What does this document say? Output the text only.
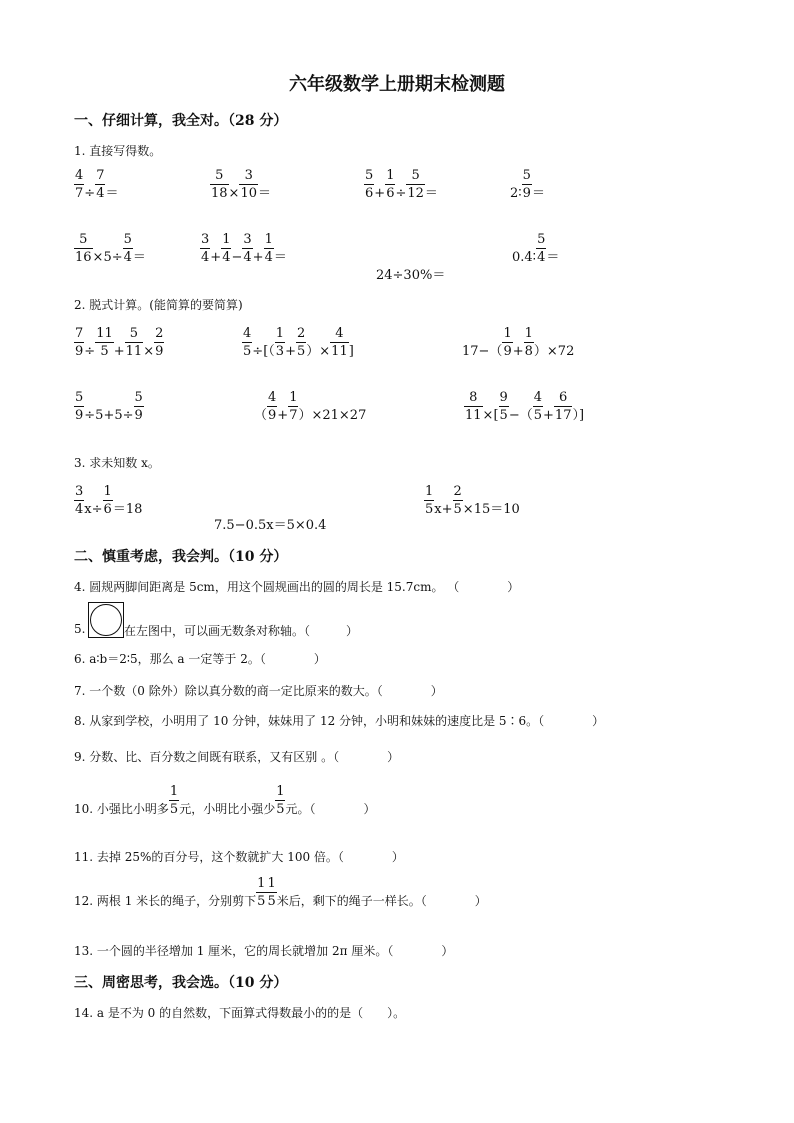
六年级数学上册期末检测题
一、仔细计算，我全对。（28 分）
1. 直接写得数。
$\frac{4}{7} \div \frac{7}{4}$ ＝	$\frac{5}{18} \times \frac{3}{10}$ ＝	$\frac{5}{6} + \frac{1}{6} \div \frac{5}{12}$ ＝	2∶ $\frac{5}{9}$ ＝
$\frac{5}{16} \times 5\div \frac{5}{4}$ ＝	$\frac{3}{4} + \frac{1}{4} - \frac{3}{4} + \frac{1}{4}$ ＝
24÷30%＝
0.4∶ $\frac{5}{4}$ ＝
2. 脱式计算。(能简算的要简算)
$\frac{7}{9} \div \frac{11}{5} + \frac{5}{11} \times \frac{2}{9}$	$\frac{4}{5}$ ÷[（ $\frac{1}{3} + \frac{2}{5}$ ）× $\frac{4}{11}$ ]	$17-( \frac{1}{9} + \frac{1}{8} )\times 72$
$\frac{5}{9} \div 5+5\div \frac{5}{9}$	（ $\frac{4}{9} + \frac{1}{7} )\times 21\times 27$	$\frac{8}{11}$ ×[ $\frac{9}{5}$ −（ $\frac{4}{5} + \frac{6}{17}$ ）]
3. 求未知数 x。
$\frac{3}{4} x\div \frac{1}{6} =18$
7.5−0.5x＝5×0.4
$\frac{1}{5} x+ \frac{2}{5} \times 15=10$
二、慎重考虑，我会判。（10 分）
4. 圆规两脚间距离是 5cm，用这个圆规画出的圆的周长是 15.7cm。 （　　　　）
5.	在左图中，可以画无数条对称轴。（　　　）
6. a∶b＝2∶5，那么 a 一定等于 2。（　　　　）
7. 一个数（0 除外）除以真分数的商一定比原来的数大。（　　　　）
8. 从家到学校，小明用了 10 分钟，妹妹用了 12 分钟，小明和妹妹的速度比是 5∶6。（　　　　）
9. 分数、比、百分数之间既有联系，又有区别 。（　　　　）
10. 小强比小明多 $\frac{1}{5}$ 元，小明比小强少 $\frac{1}{5}$ 元。（　　　　）
11. 去掉 25%的百分号，这个数就扩大 100 倍。（　　　　）
12. 两根 1 米长的绳子，分别剪下 $\frac{1}{5} \frac{1}{5}$ 米后，剩下的绳子一样长。（　　　　）
13. 一个圆的半径增加 1 厘米，它的周长就增加 2π 厘米。（　　　　）
三、周密思考，我会选。（10 分）
14. a 是不为 0 的自然数，下面算式得数最小的的是（　　）。
